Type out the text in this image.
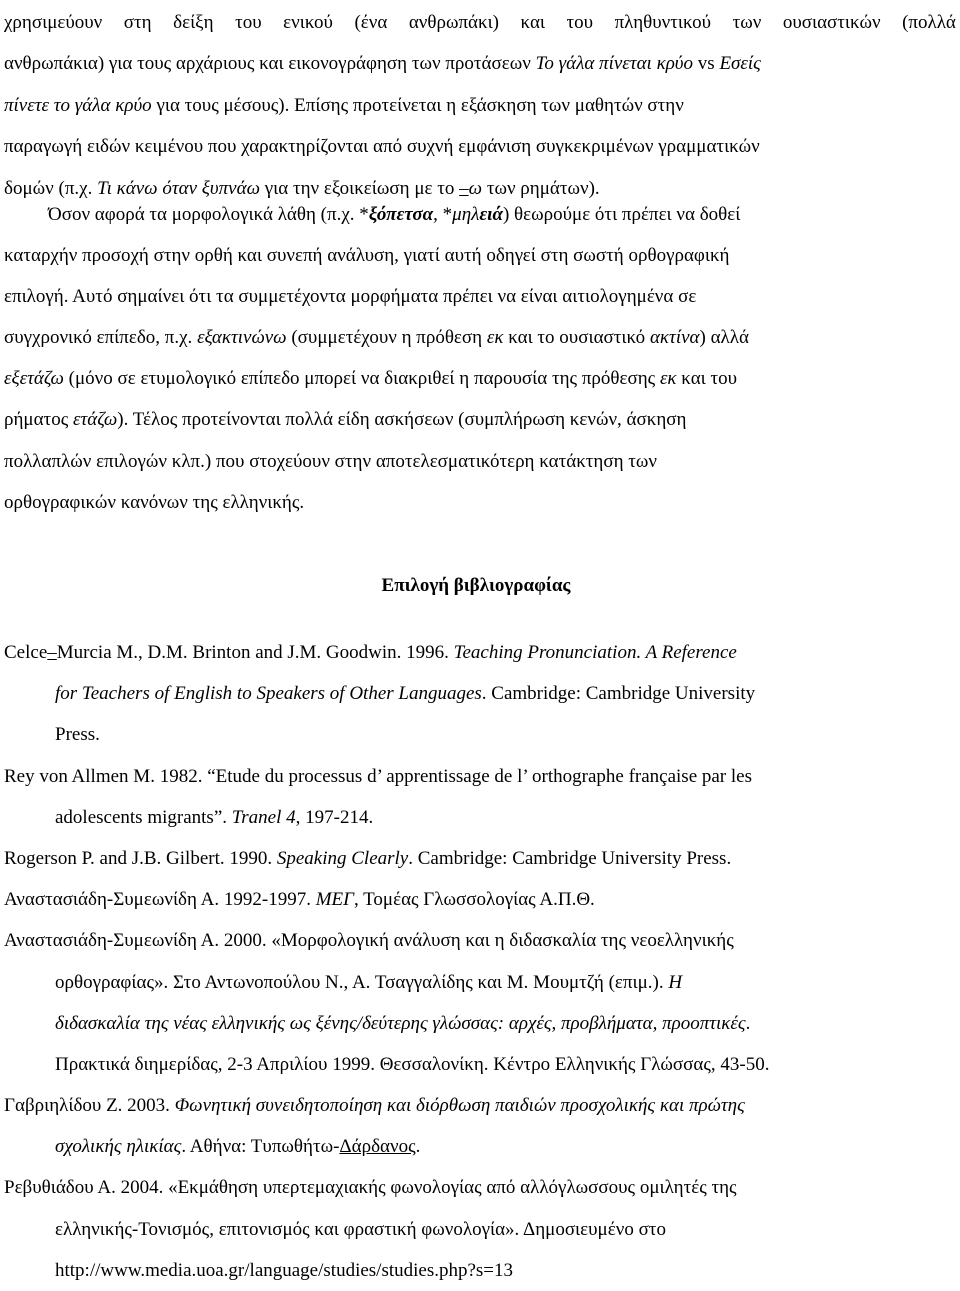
χρησιμεύουν στη δείξη του ενικού (ένα ανθρωπάκι) και του πληθυντικού των ουσιαστικών (πολλά
ανθρωπάκια) για τους αρχάριους και εικονογράφηση των προτάσεων Το γάλα πίνεται κρύο vs Εσείς
πίνετε το γάλα κρύο για τους μέσους). Επίσης προτείνεται η εξάσκηση των μαθητών στην
παραγωγή ειδών κειμένου που χαρακτηρίζονται από συχνή εμφάνιση συγκεκριμένων γραμματικών
δομών (π.χ. Τι κάνω όταν ξυπνάω για την εξοικείωση με το –ω των ρημάτων).
Όσον αφορά τα μορφολογικά λάθη (π.χ. *ξόπετσα, *μηλειά) θεωρούμε ότι πρέπει να δοθεί
καταρχήν προσοχή στην ορθή και συνεπή ανάλυση, γιατί αυτή οδηγεί στη σωστή ορθογραφική
επιλογή. Αυτό σημαίνει ότι τα συμμετέχοντα μορφήματα πρέπει να είναι αιτιολογημένα σε
συγχρονικό επίπεδο, π.χ. εξακτινώνω (συμμετέχουν η πρόθεση εκ και το ουσιαστικό ακτίνα) αλλά
εξετάζω (μόνο σε ετυμολογικό επίπεδο μπορεί να διακριθεί η παρουσία της πρόθεσης εκ και του
ρήματος ετάζω). Τέλος προτείνονται πολλά είδη ασκήσεων (συμπλήρωση κενών, άσκηση
πολλαπλών επιλογών κλπ.) που στοχεύουν στην αποτελεσματικότερη κατάκτηση των
ορθογραφικών κανόνων της ελληνικής.
Επιλογή βιβλιογραφίας
Celce–Murcia M., D.M. Brinton and J.M. Goodwin. 1996. Teaching Pronunciation. A Reference
for Teachers of English to Speakers of Other Languages. Cambridge: Cambridge University
Press.
Rey von Allmen M. 1982. “Etude du processus d’ apprentissage de l’ orthographe française par les
adolescents migrants”. Tranel 4, 197-214.
Rogerson P. and J.B. Gilbert. 1990. Speaking Clearly. Cambridge: Cambridge University Press.
Αναστασιάδη-Συμεωνίδη Α. 1992-1997. ΜΕΓ, Τομέας Γλωσσολογίας Α.Π.Θ.
Αναστασιάδη-Συμεωνίδη Α. 2000. «Μορφολογική ανάλυση και η διδασκαλία της νεοελληνικής
ορθογραφίας». Στο Αντωνοπούλου Ν., Α. Τσαγγαλίδης και Μ. Μουμτζή (επιμ.). Η
διδασκαλία της νέας ελληνικής ως ξένης/δεύτερης γλώσσας: αρχές, προβλήματα, προοπτικές.
Πρακτικά διημερίδας, 2-3 Απριλίου 1999. Θεσσαλονίκη. Κέντρο Ελληνικής Γλώσσας, 43-50.
Γαβριηλίδου Ζ. 2003. Φωνητική συνειδητοποίηση και διόρθωση παιδιών προσχολικής και πρώτης
σχολικής ηλικίας. Αθήνα: Τυπωθήτω-Δάρδανος.
Ρεβυθιάδου Α. 2004. «Εκμάθηση υπερτεμαχιακής φωνολογίας από αλλόγλωσσους ομιλητές της
ελληνικής-Τονισμός, επιτονισμός και φραστική φωνολογία». Δημοσιευμένο στο
http://www.media.uoa.gr/language/studies/studies.php?s=13
